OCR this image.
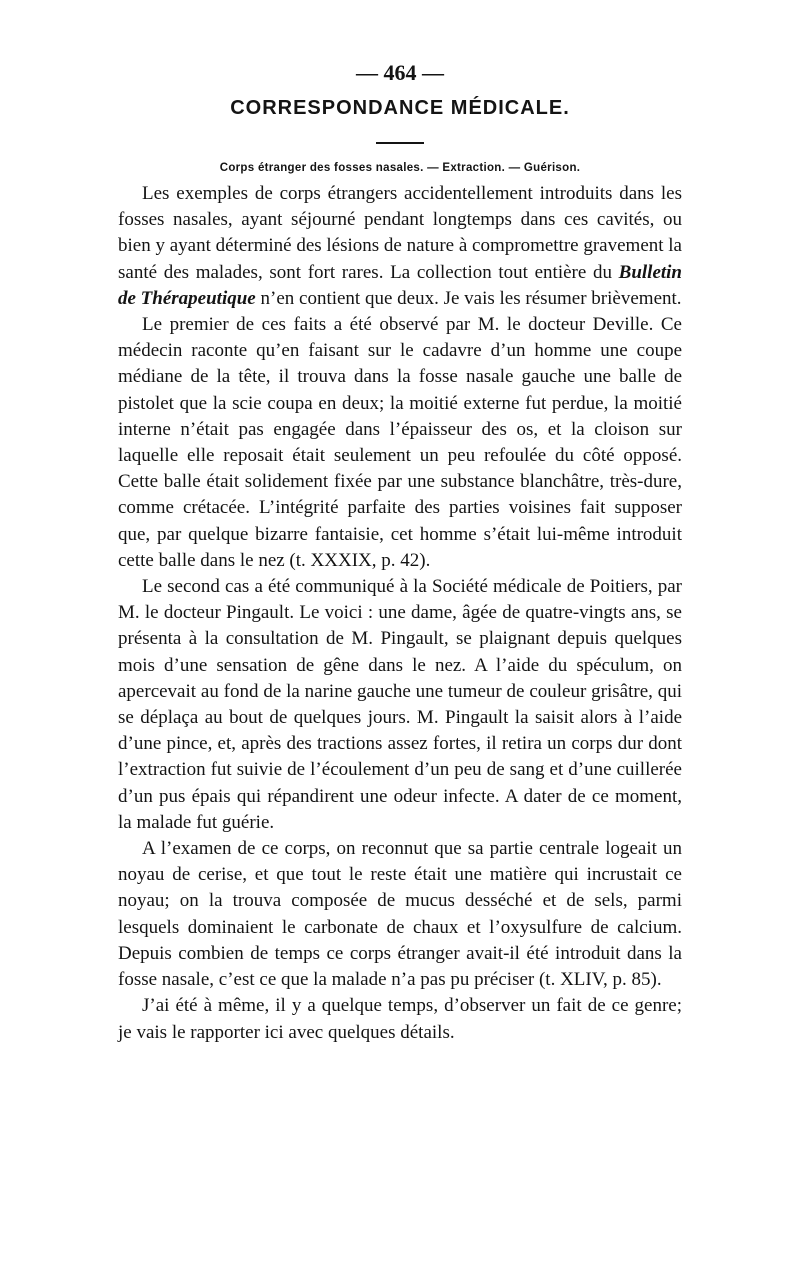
— 464 —

CORRESPONDANCE MÉDICALE.

Corps étranger des fosses nasales. — Extraction. — Guérison.

Les exemples de corps étrangers accidentellement introduits dans les fosses nasales, ayant séjourné pendant longtemps dans ces cavités, ou bien y ayant déterminé des lésions de nature à compromettre gravement la santé des malades, sont fort rares. La collection tout entière du Bulletin de Thérapeutique n’en contient que deux. Je vais les résumer brièvement.

Le premier de ces faits a été observé par M. le docteur Deville. Ce médecin raconte qu’en faisant sur le cadavre d’un homme une coupe médiane de la tête, il trouva dans la fosse nasale gauche une balle de pistolet que la scie coupa en deux; la moitié externe fut perdue, la moitié interne n’était pas engagée dans l’épaisseur des os, et la cloison sur laquelle elle reposait était seulement un peu refoulée du côté opposé. Cette balle était solidement fixée par une substance blanchâtre, très-dure, comme crétacée. L’intégrité parfaite des parties voisines fait supposer que, par quelque bizarre fantaisie, cet homme s’était lui-même introduit cette balle dans le nez (t. XXXIX, p. 42).

Le second cas a été communiqué à la Société médicale de Poitiers, par M. le docteur Pingault. Le voici : une dame, âgée de quatre-vingts ans, se présenta à la consultation de M. Pingault, se plaignant depuis quelques mois d’une sensation de gêne dans le nez. A l’aide du spéculum, on apercevait au fond de la narine gauche une tumeur de couleur grisâtre, qui se déplaça au bout de quelques jours. M. Pingault la saisit alors à l’aide d’une pince, et, après des tractions assez fortes, il retira un corps dur dont l’extraction fut suivie de l’écoulement d’un peu de sang et d’une cuillerée d’un pus épais qui répandirent une odeur infecte. A dater de ce moment, la malade fut guérie.

A l’examen de ce corps, on reconnut que sa partie centrale logeait un noyau de cerise, et que tout le reste était une matière qui incrustait ce noyau; on la trouva composée de mucus desséché et de sels, parmi lesquels dominaient le carbonate de chaux et l’oxysulfure de calcium. Depuis combien de temps ce corps étranger avait-il été introduit dans la fosse nasale, c’est ce que la malade n’a pas pu préciser (t. XLIV, p. 85).

J’ai été à même, il y a quelque temps, d’observer un fait de ce genre; je vais le rapporter ici avec quelques détails.
